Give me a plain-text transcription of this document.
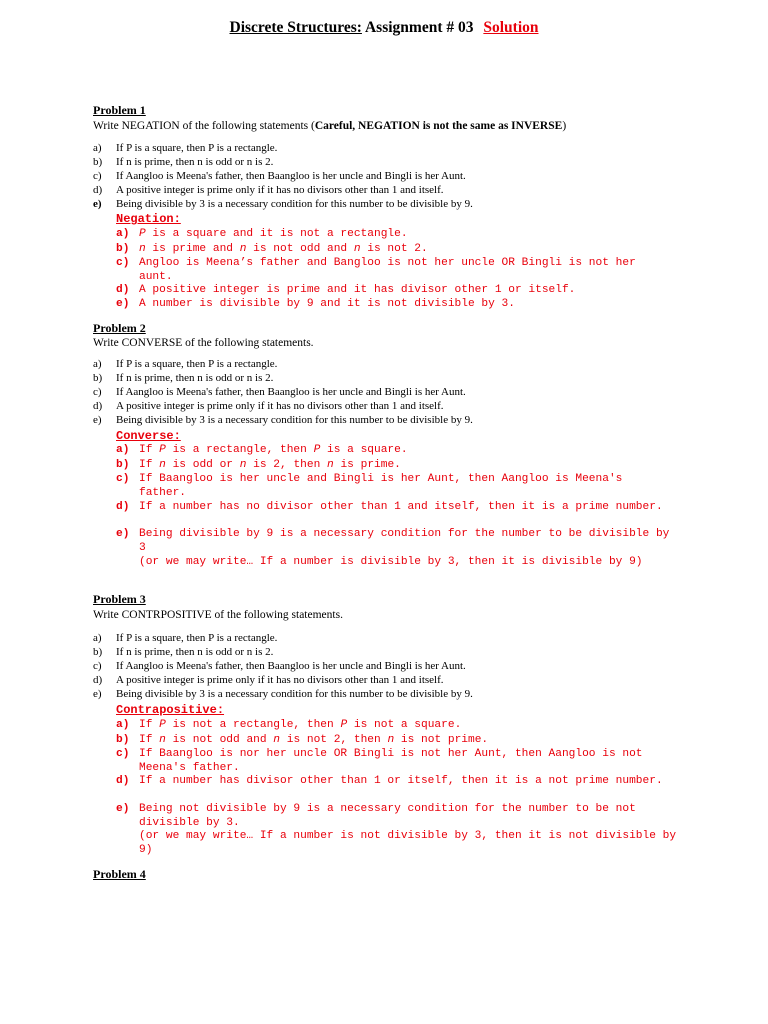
Discrete Structures: Assignment # 03 Solution
Problem 1
Write NEGATION of the following statements (Careful, NEGATION is not the same as INVERSE)
a) If P is a square, then P is a rectangle.
b) If n is prime, then n is odd or n is 2.
c) If Aangloo is Meena's father, then Baangloo is her uncle and Bingli is her Aunt.
d) A positive integer is prime only if it has no divisors other than 1 and itself.
e) Being divisible by 3 is a necessary condition for this number to be divisible by 9.
Negation:
a) P is a square and it is not a rectangle.
b) n is prime and n is not odd and n is not 2.
c) Angloo is Meena’s father and Bangloo is not her uncle OR Bingli is not her aunt.
d) A positive integer is prime and it has divisor other 1 or itself.
e) A number is divisible by 9 and it is not divisible by 3.
Problem 2
Write CONVERSE of the following statements.
a) If P is a square, then P is a rectangle.
b) If n is prime, then n is odd or n is 2.
c) If Aangloo is Meena's father, then Baangloo is her uncle and Bingli is her Aunt.
d) A positive integer is prime only if it has no divisors other than 1 and itself.
e) Being divisible by 3 is a necessary condition for this number to be divisible by 9.
Converse:
a) If P is a rectangle, then P is a square.
b) If n is odd or n is 2, then n is prime.
c) If Baangloo is her uncle and Bingli is her Aunt, then Aangloo is Meena's father.
d) If a number has no divisor other than 1 and itself, then it is a prime number.
e) Being divisible by 9 is a necessary condition for the number to be divisible by 3
(or we may write… If a number is divisible by 3, then it is divisible by 9)
Problem 3
Write CONTRPOSITIVE of the following statements.
a) If P is a square, then P is a rectangle.
b) If n is prime, then n is odd or n is 2.
c) If Aangloo is Meena's father, then Baangloo is her uncle and Bingli is her Aunt.
d) A positive integer is prime only if it has no divisors other than 1 and itself.
e) Being divisible by 3 is a necessary condition for this number to be divisible by 9.
Contrapositive:
a) If P is not a rectangle, then P is not a square.
b) If n is not odd and n is not 2, then n is not prime.
c) If Baangloo is nor her uncle OR Bingli is not her Aunt, then Aangloo is not Meena's father.
d) If a number has divisor other than 1 or itself, then it is a not prime number.
e) Being not divisible by 9 is a necessary condition for the number to be not divisible by 3.
(or we may write… If a number is not divisible by 3, then it is not divisible by 9)
Problem 4
